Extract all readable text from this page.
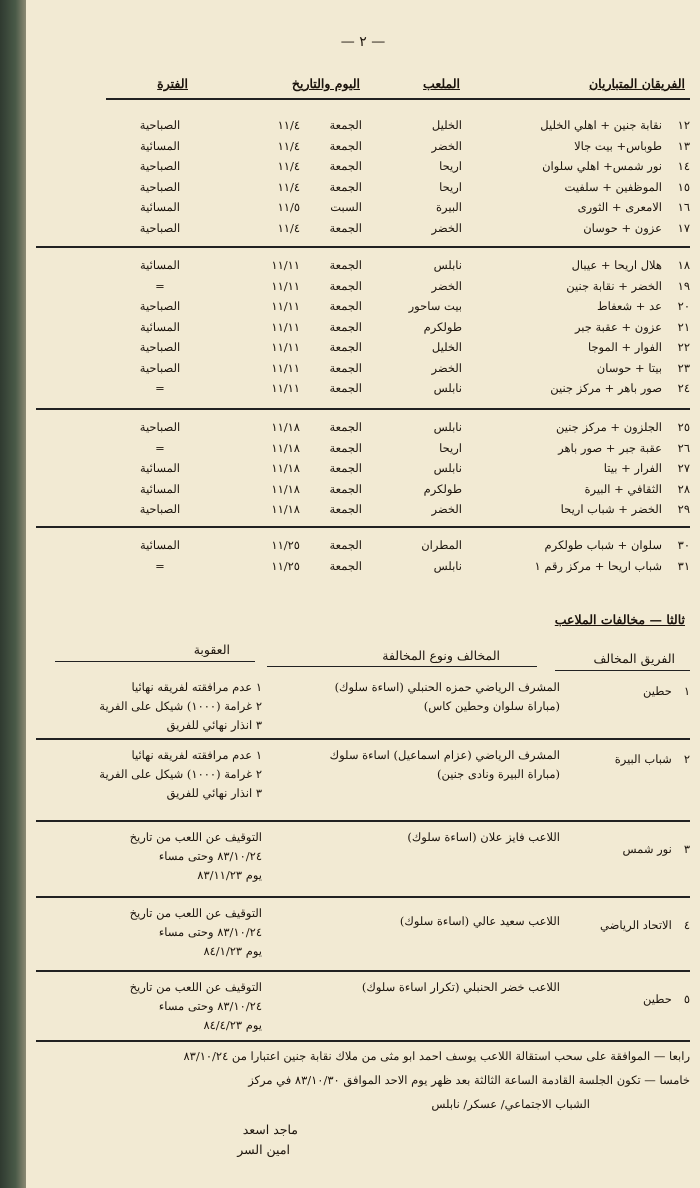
— ٢ —
الفريقان المتباريان
الملعب
اليوم والتاريخ
الفترة
١٢
نقابة جنين + اهلي الخليل
الخليل
الجمعة
١١/٤
الصباحية
١٣
طوباس+ بيت جالا
الخضر
الجمعة
١١/٤
المسائية
١٤
نور شمس+ اهلي سلوان
اريحا
الجمعة
١١/٤
الصباحية
١٥
الموظفين + سلفيت
اريحا
الجمعة
١١/٤
الصباحية
١٦
الامعرى + الثورى
البيرة
السبت
١١/٥
المسائية
١٧
عزون + حوسان
الخضر
الجمعة
١١/٤
الصباحية
١٨
هلال اريحا + عيبال
نابلس
الجمعة
١١/١١
المسائية
١٩
الخضر + نقابة جنين
الخضر
الجمعة
١١/١١
=
٢٠
عد + شعفاط
بيت ساحور
الجمعة
١١/١١
الصباحية
٢١
عزون + عقبة جبر
طولكرم
الجمعة
١١/١١
المسائية
٢٢
الفوار + الموجا
الخليل
الجمعة
١١/١١
الصباحية
٢٣
بيتا + حوسان
الخضر
الجمعة
١١/١١
الصباحية
٢٤
صور باهر + مركز جنين
نابلس
الجمعة
١١/١١
=
٢٥
الجلزون + مركز جنين
نابلس
الجمعة
١١/١٨
الصباحية
٢٦
عقبة جبر + صور باهر
اريحا
الجمعة
١١/١٨
=
٢٧
الفرار + بيتا
نابلس
الجمعة
١١/١٨
المسائية
٢٨
الثقافي + البيرة
طولكرم
الجمعة
١١/١٨
المسائية
٢٩
الخضر + شباب اريحا
الخضر
الجمعة
١١/١٨
الصباحية
٣٠
سلوان + شباب طولكرم
المطران
الجمعة
١١/٢٥
المسائية
٣١
شباب اريحا + مركز رقم ١
نابلس
الجمعة
١١/٢٥
=
ثالثا — مخالفات الملاعب
الفريق المخالف
المخالف ونوع المخالفة
العقوبة
١حطين
المشرف الرياضي حمزه الحنبلي (اساءة سلوك)
(مباراة سلوان وحطين كاس)
١ عدم مرافقته لفريقه نهائيا
٢ غرامة (١٠٠٠) شيكل على الفرية
٣ انذار نهائي للفريق
٢شباب البيرة
المشرف الرياضي (عزام اسماعيل) اساءة سلوك
(مباراة البيرة ونادى جنين)
١ عدم مرافقته لفريقه نهائيا
٢ غرامة (١٠٠٠) شيكل على الفرية
٣ انذار نهائي للفريق
٣نور شمس
اللاعب فايز علان (اساءة سلوك)
التوقيف عن اللعب من تاريخ
٨٣/١٠/٢٤ وحتى مساء
يوم ٨٣/١١/٢٣
٤الاتحاد الرياضي
اللاعب سعيد عالي (اساءة سلوك)
التوقيف عن اللعب من تاريخ
٨٣/١٠/٢٤ وحتى مساء
يوم ٨٤/١/٢٣
٥حطين
اللاعب خضر الحنبلي (تكرار اساءة سلوك)
التوقيف عن اللعب من تاريخ
٨٣/١٠/٢٤ وحتى مساء
يوم ٨٤/٤/٢٣
رابعا — الموافقة على سحب استقالة اللاعب يوسف احمد ابو مثى من ملاك نقابة جنين اعتبارا من ٨٣/١٠/٢٤
خامسا — تكون الجلسة القادمة الساعة الثالثة بعد ظهر يوم الاحد الموافق ٨٣/١٠/٣٠ في مركز
الشباب الاجتماعي/ عسكر/ نابلس
ماجد اسعد
امين السر
